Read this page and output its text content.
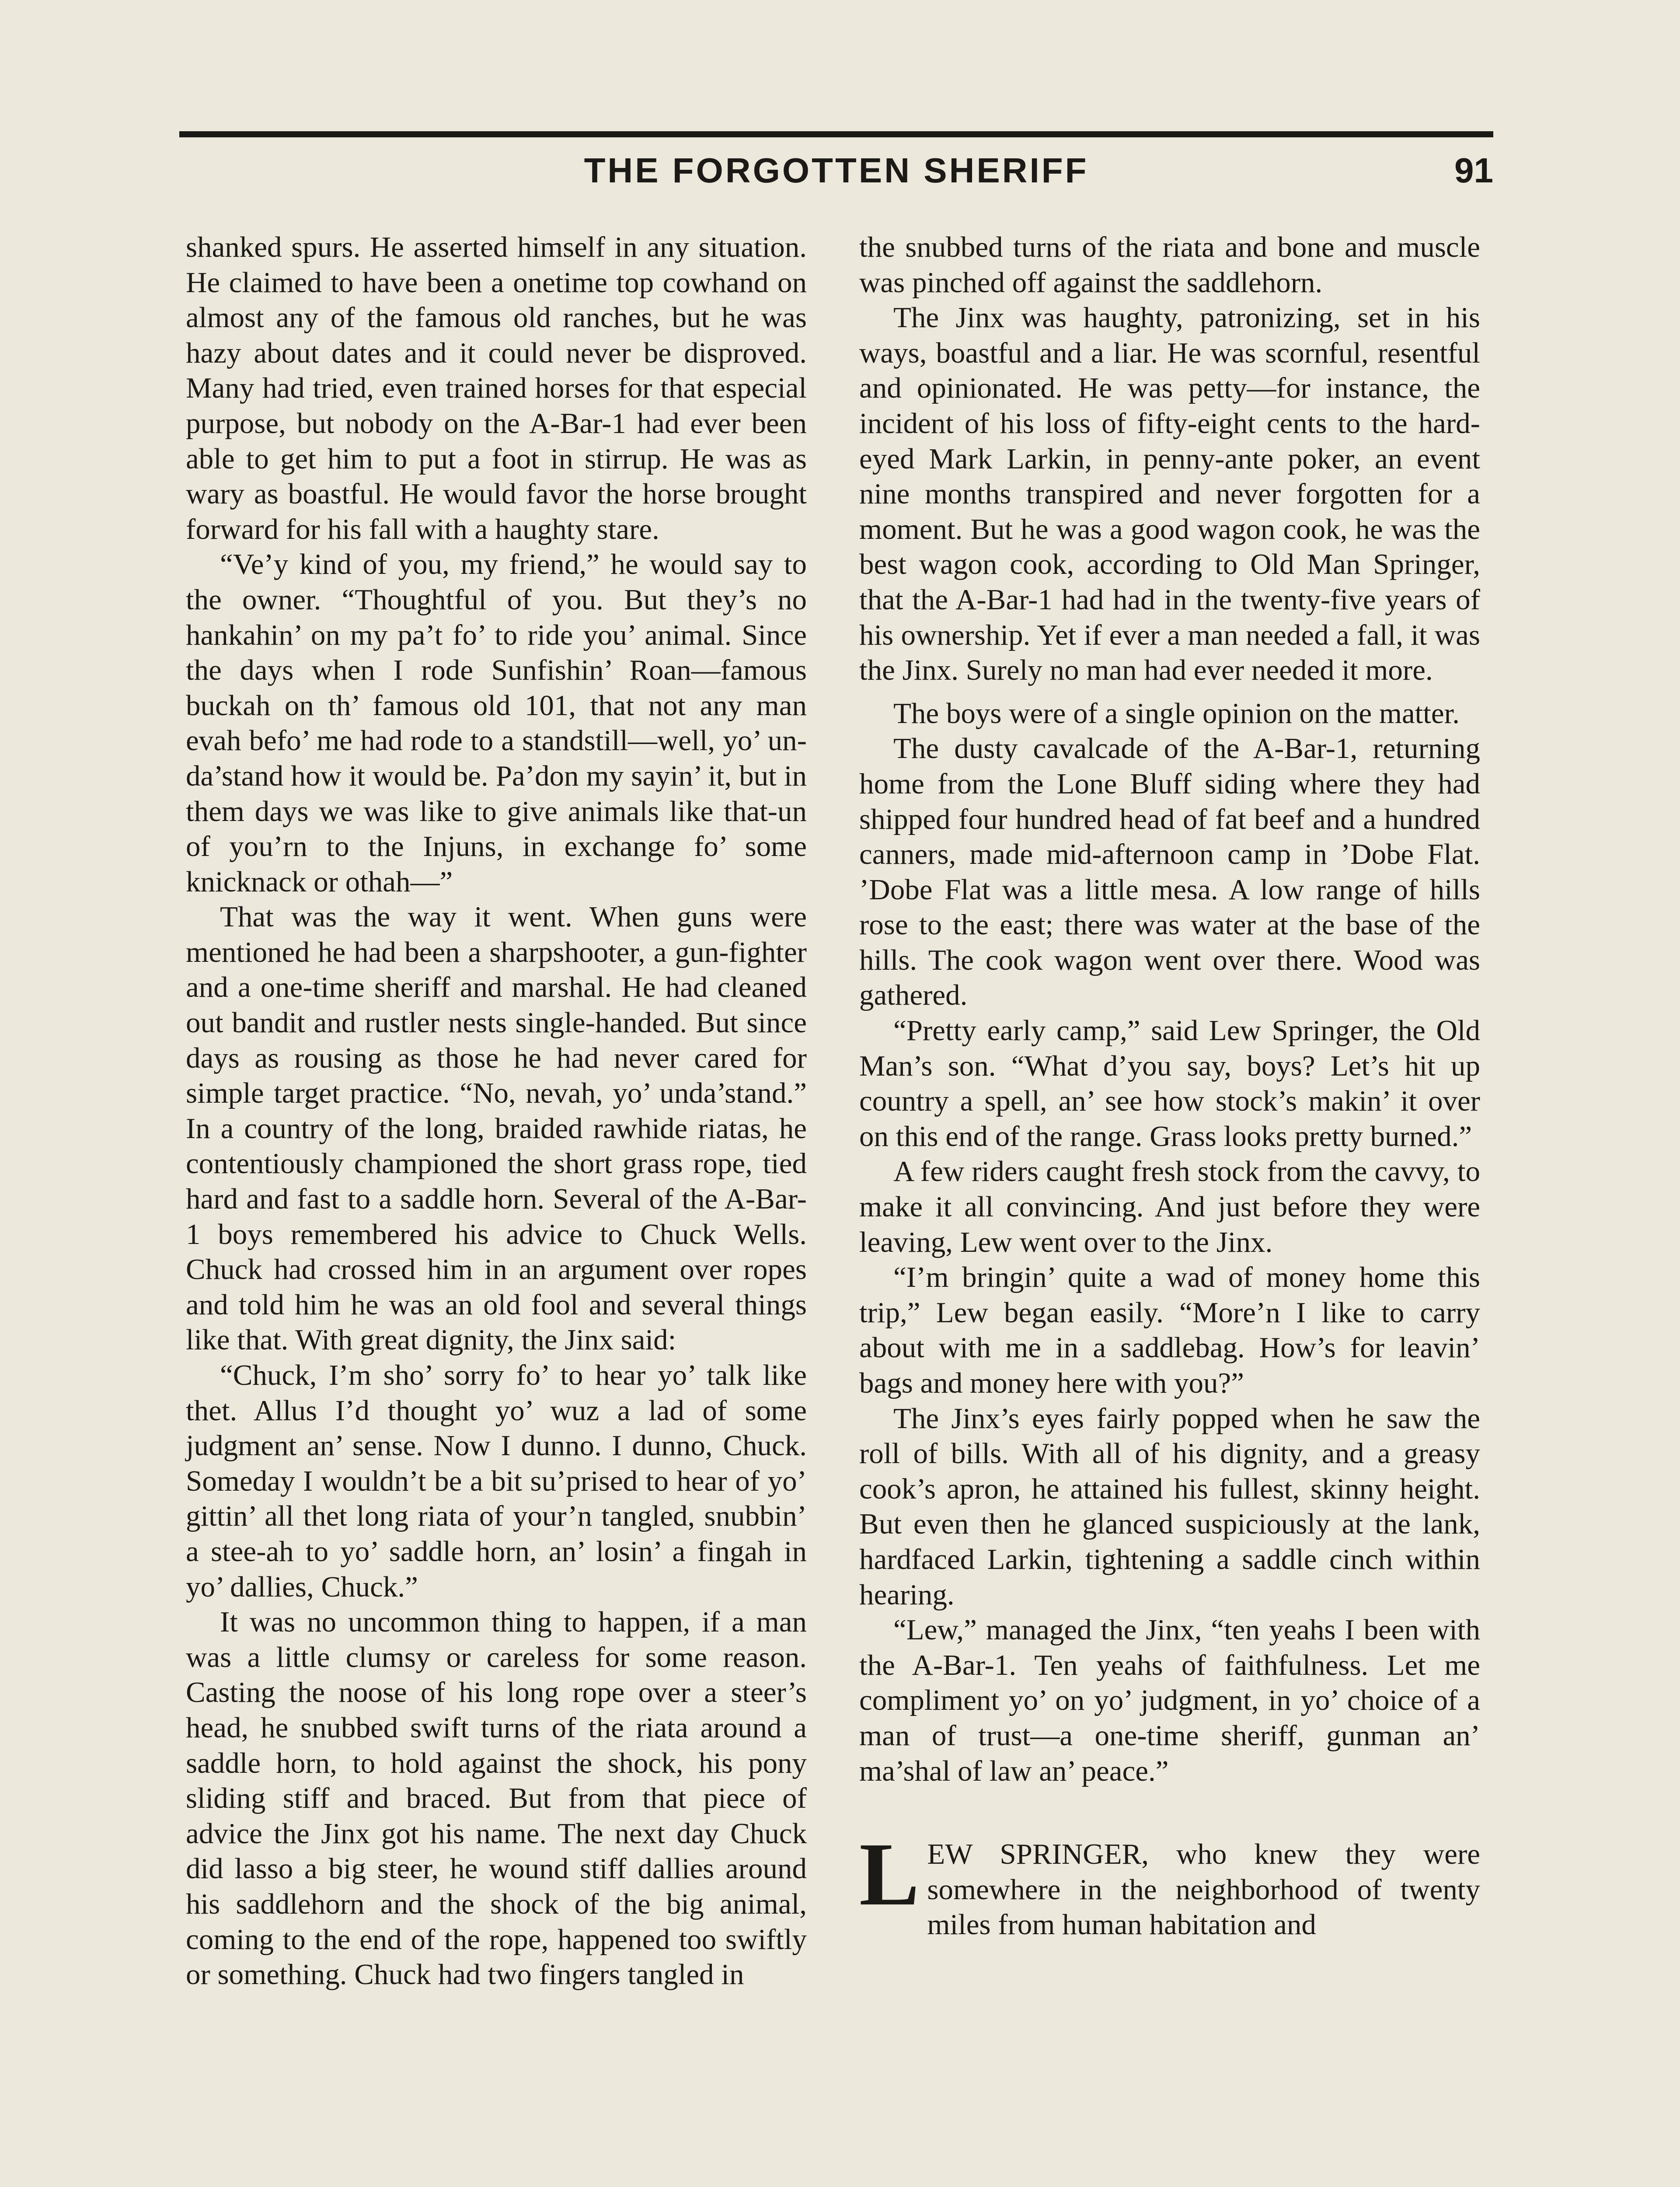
THE FORGOTTEN SHERIFF	91

shanked spurs. He asserted himself in any situation. He claimed to have been a onetime top cowhand on almost any of the famous old ranches, but he was hazy about dates and it could never be disproved. Many had tried, even trained horses for that especial purpose, but nobody on the A-Bar-1 had ever been able to get him to put a foot in stirrup. He was as wary as boastful. He would favor the horse brought forward for his fall with a haughty stare.

“Ve’y kind of you, my friend,” he would say to the owner. “Thoughtful of you. But they’s no hankahin’ on my pa’t fo’ to ride you’ animal. Since the days when I rode Sunfishin’ Roan—famous buckah on th’ famous old 101, that not any man evah befo’ me had rode to a standstill—well, yo’ unda’stand how it would be. Pa’don my sayin’ it, but in them days we was like to give animals like that-un of you’rn to the Injuns, in exchange fo’ some knicknack or othah—”

That was the way it went. When guns were mentioned he had been a sharpshooter, a gun-fighter and a one-time sheriff and marshal. He had cleaned out bandit and rustler nests single-handed. But since days as rousing as those he had never cared for simple target practice. “No, nevah, yo’ unda’stand.” In a country of the long, braided rawhide riatas, he contentiously championed the short grass rope, tied hard and fast to a saddle horn. Several of the A-Bar-1 boys remembered his advice to Chuck Wells. Chuck had crossed him in an argument over ropes and told him he was an old fool and several things like that. With great dignity, the Jinx said:

“Chuck, I’m sho’ sorry fo’ to hear yo’ talk like thet. Allus I’d thought yo’ wuz a lad of some judgment an’ sense. Now I dunno. I dunno, Chuck. Someday I wouldn’t be a bit su’prised to hear of yo’ gittin’ all thet long riata of your’n tangled, snubbin’ a stee-ah to yo’ saddle horn, an’ losin’ a fingah in yo’ dallies, Chuck.”

It was no uncommon thing to happen, if a man was a little clumsy or careless for some reason. Casting the noose of his long rope over a steer’s head, he snubbed swift turns of the riata around a saddle horn, to hold against the shock, his pony sliding stiff and braced. But from that piece of advice the Jinx got his name. The next day Chuck did lasso a big steer, he wound stiff dallies around his saddlehorn and the shock of the big animal, coming to the end of the rope, happened too swiftly or something. Chuck had two fingers tangled in

the snubbed turns of the riata and bone and muscle was pinched off against the saddlehorn.

The Jinx was haughty, patronizing, set in his ways, boastful and a liar. He was scornful, resentful and opinionated. He was petty—for instance, the incident of his loss of fifty-eight cents to the hard-eyed Mark Larkin, in penny-ante poker, an event nine months transpired and never forgotten for a moment. But he was a good wagon cook, he was the best wagon cook, according to Old Man Springer, that the A-Bar-1 had had in the twenty-five years of his ownership. Yet if ever a man needed a fall, it was the Jinx. Surely no man had ever needed it more.

The boys were of a single opinion on the matter.

The dusty cavalcade of the A-Bar-1, returning home from the Lone Bluff siding where they had shipped four hundred head of fat beef and a hundred canners, made mid-afternoon camp in ’Dobe Flat. ’Dobe Flat was a little mesa. A low range of hills rose to the east; there was water at the base of the hills. The cook wagon went over there. Wood was gathered.

“Pretty early camp,” said Lew Springer, the Old Man’s son. “What d’you say, boys? Let’s hit up country a spell, an’ see how stock’s makin’ it over on this end of the range. Grass looks pretty burned.”

A few riders caught fresh stock from the cavvy, to make it all convincing. And just before they were leaving, Lew went over to the Jinx.

“I’m bringin’ quite a wad of money home this trip,” Lew began easily. “More’n I like to carry about with me in a saddlebag. How’s for leavin’ bags and money here with you?”

The Jinx’s eyes fairly popped when he saw the roll of bills. With all of his dignity, and a greasy cook’s apron, he attained his fullest, skinny height. But even then he glanced suspiciously at the lank, hardfaced Larkin, tightening a saddle cinch within hearing.

“Lew,” managed the Jinx, “ten yeahs I been with the A-Bar-1. Ten yeahs of faithfulness. Let me compliment yo’ on yo’ judgment, in yo’ choice of a man of trust—a one-time sheriff, gunman an’ ma’shal of law an’ peace.”

LEW SPRINGER, who knew they were somewhere in the neighborhood of twenty miles from human habitation and
